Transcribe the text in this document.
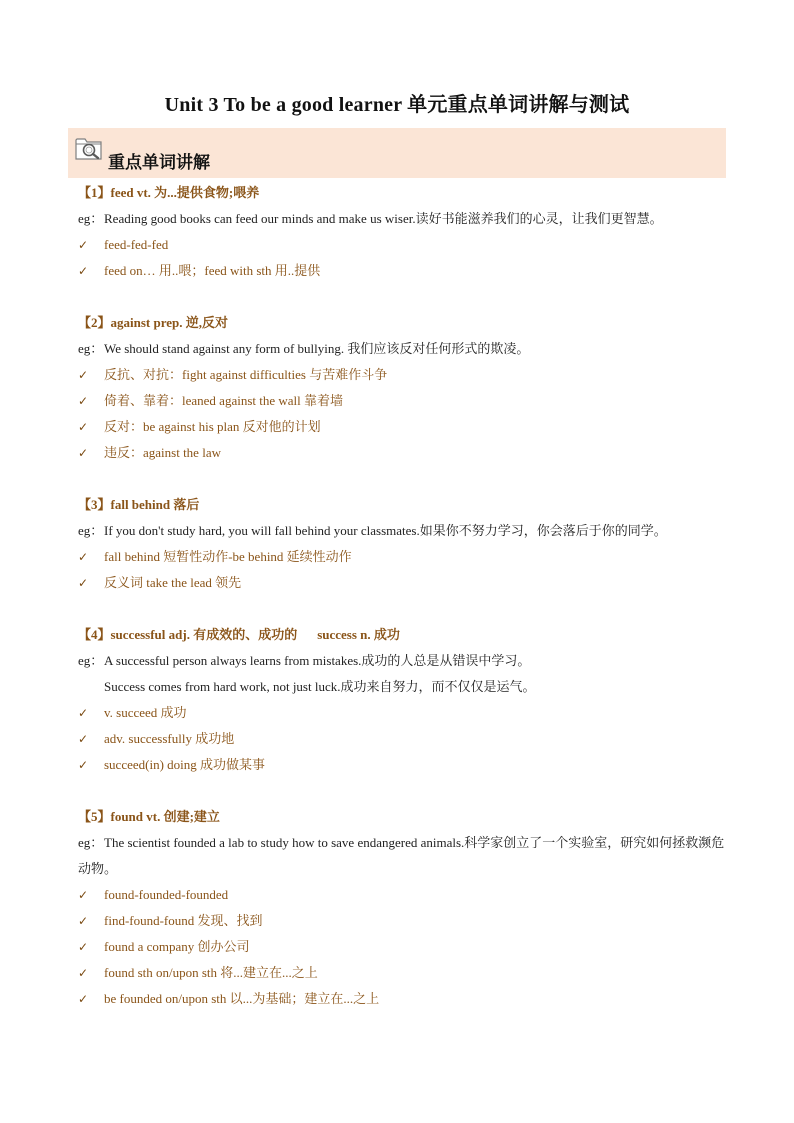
Unit 3 To be a good learner 单元重点单词讲解与测试
重点单词讲解
【1】feed vt. 为...提供食物;喂养
eg：Reading good books can feed our minds and make us wiser.读好书能滋养我们的心灵，让我们更智慧。
✓ feed-fed-fed
✓ feed on… 用..喂；feed with sth 用..提供
【2】against prep. 逆,反对
eg：We should stand against any form of bullying. 我们应该反对任何形式的欺凌。
✓ 反抗、对抗：fight against difficulties 与苦难作斗争
✓ 倚着、靠着：leaned against the wall 靠着墙
✓ 反对：be against his plan 反对他的计划
✓ 违反：against the law
【3】fall behind 落后
eg：If you don't study hard, you will fall behind your classmates.如果你不努力学习，你会落后于你的同学。
✓ fall behind 短暂性动作-be behind 延续性动作
✓ 反义词 take the lead 领先
【4】successful adj. 有成效的、成功的 success n. 成功
eg：A successful person always learns from mistakes.成功的人总是从错误中学习。
Success comes from hard work, not just luck.成功来自努力，而不仅仅是运气。
✓ v. succeed 成功
✓ adv. successfully 成功地
✓ succeed(in) doing 成功做某事
【5】found vt. 创建;建立
eg：The scientist founded a lab to study how to save endangered animals.科学家创立了一个实验室，研究如何拯救濒危动物。
✓ found-founded-founded
✓ find-found-found 发现、找到
✓ found a company 创办公司
✓ found sth on/upon sth 将...建立在...之上
✓ be founded on/upon sth 以...为基础；建立在...之上
